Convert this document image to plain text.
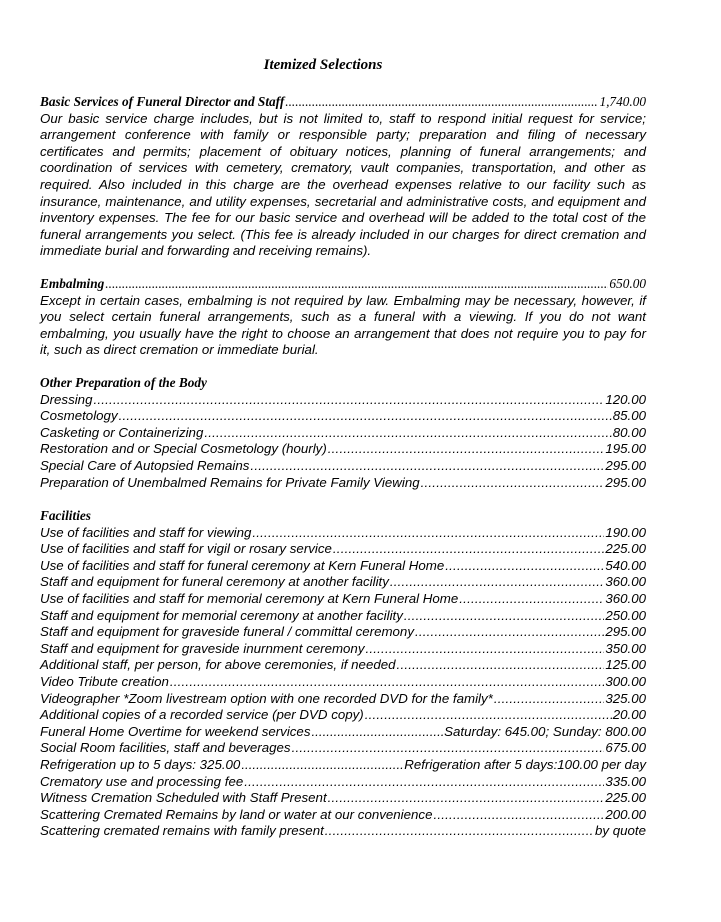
Itemized Selections
Basic Services of Funeral Director and Staff .....	1,740.00

Our basic service charge includes, but is not limited to, staff to respond initial request for service; arrangement conference with family or responsible party; preparation and filing of necessary certificates and permits; placement of obituary notices, planning of funeral arrangements; and coordination of services with cemetery, crematory, vault companies, transportation, and other as required. Also included in this charge are the overhead expenses relative to our facility such as insurance, maintenance, and utility expenses, secretarial and administrative costs, and equipment and inventory expenses. The fee for our basic service and overhead will be added to the total cost of the funeral arrangements you select. (This fee is already included in our charges for direct cremation and immediate burial and forwarding and receiving remains).

Embalming .....	650.00

Except in certain cases, embalming is not required by law. Embalming may be necessary, however, if you select certain funeral arrangements, such as a funeral with a viewing. If you do not want embalming, you usually have the right to choose an arrangement that does not require you to pay for it, such as direct cremation or immediate burial.

Other Preparation of the Body
Dressing .....	120.00
Cosmetology .....	85.00
Casketing or Containerizing .....	80.00
Restoration and or Special Cosmetology (hourly) .....	195.00
Special Care of Autopsied Remains .....	295.00
Preparation of Unembalmed Remains for Private Family Viewing .....	295.00
Facilities
Use of facilities and staff for viewing .....	190.00
Use of facilities and staff for vigil or rosary service .....	225.00
Use of facilities and staff for funeral ceremony at Kern Funeral Home .....	540.00
Staff and equipment for funeral ceremony at another facility .....	360.00
Use of facilities and staff for memorial ceremony at Kern Funeral Home .....	360.00
Staff and equipment for memorial ceremony at another facility .....	250.00
Staff and equipment for graveside funeral / committal ceremony .....	295.00
Staff and equipment for graveside inurnment ceremony .....	350.00
Additional staff, per person, for above ceremonies, if needed .....	125.00
Video Tribute creation .....	300.00
Videographer *Zoom livestream option with one recorded DVD for the family* .....	325.00
Additional copies of a recorded service (per DVD copy) .....	20.00
Funeral Home Overtime for weekend services .....	Saturday: 645.00; Sunday: 800.00
Social Room facilities, staff and beverages .....	675.00
Refrigeration up to 5 days: 325.00 .....	Refrigeration after 5 days:100.00 per day
Crematory use and processing fee .....	335.00
Witness Cremation Scheduled with Staff Present .....	225.00
Scattering Cremated Remains by land or water at our convenience .....	200.00
Scattering cremated remains with family present .....	by quote
